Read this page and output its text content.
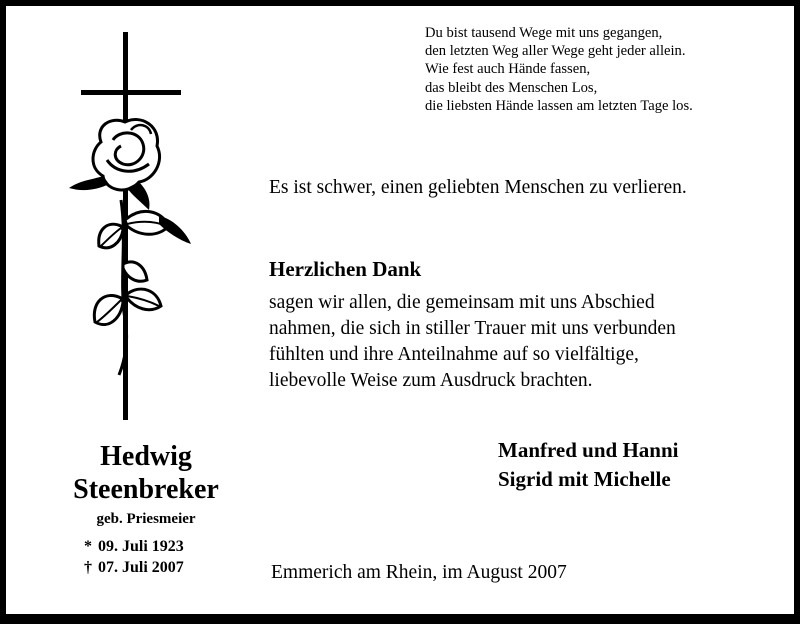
Du bist tausend Wege mit uns gegangen,
den letzten Weg aller Wege geht jeder allein.
Wie fest auch Hände fassen,
das bleibt des Menschen Los,
die liebsten Hände lassen am letzten Tage los.
Es ist schwer, einen geliebten Menschen zu verlieren.
Herzlichen Dank
sagen wir allen, die gemeinsam mit uns Abschied
nahmen, die sich in stiller Trauer mit uns verbunden
fühlten und ihre Anteilnahme auf so vielfältige,
liebevolle Weise zum Ausdruck brachten.
Manfred und Hanni
Sigrid mit Michelle
Hedwig
Steenbreker
geb. Priesmeier
* 09. Juli 1923
† 07. Juli 2007	Emmerich am Rhein, im August 2007
